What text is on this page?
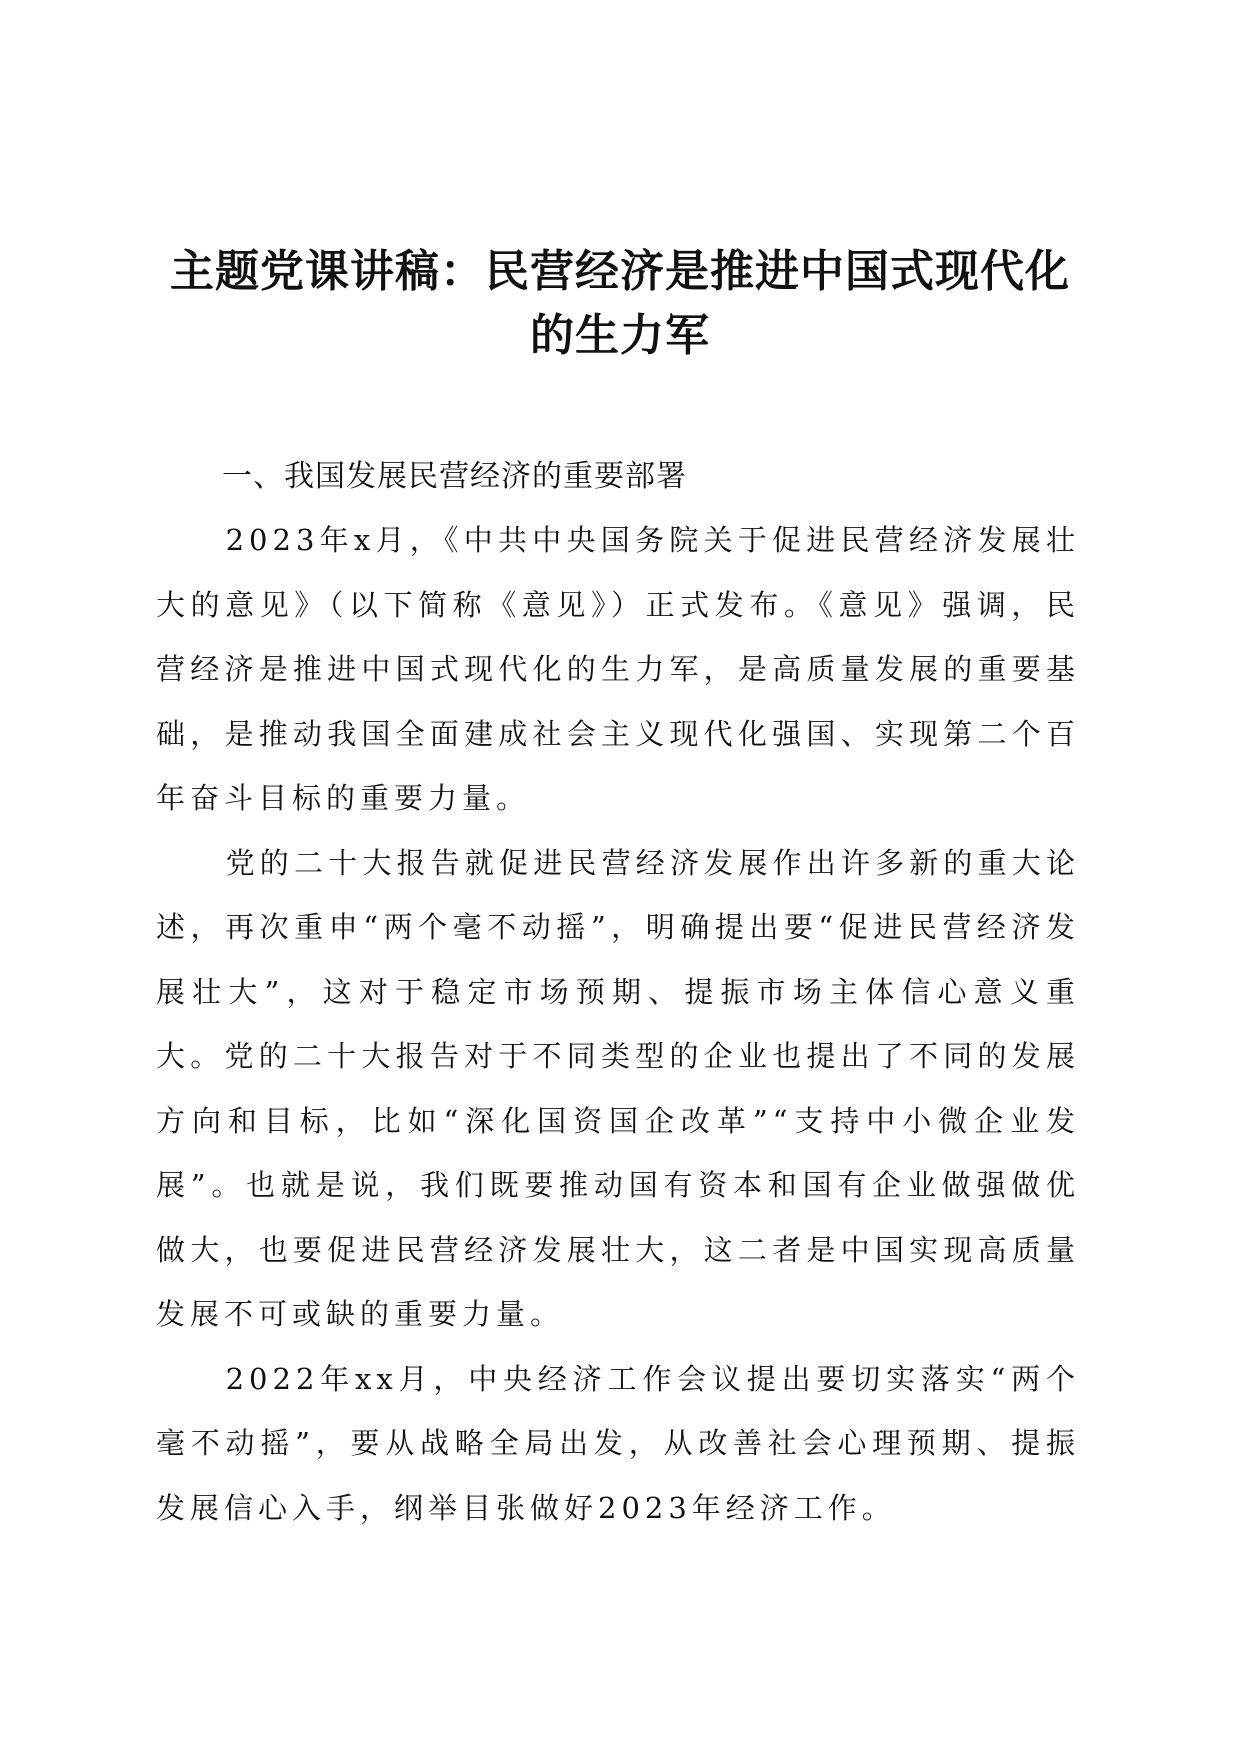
主题党课讲稿：民营经济是推进中国式现代化
的生力军
一、我国发展民营经济的重要部署

2023年x月，《中共中央国务院关于促进民营经济发展壮大的意见》（以下简称《意见》）正式发布。《意见》强调，民营经济是推进中国式现代化的生力军，是高质量发展的重要基础，是推动我国全面建成社会主义现代化强国、实现第二个百年奋斗目标的重要力量。

党的二十大报告就促进民营经济发展作出许多新的重大论述，再次重申“两个毫不动摇”，明确提出要“促进民营经济发展壮大”，这对于稳定市场预期、提振市场主体信心意义重大。党的二十大报告对于不同类型的企业也提出了不同的发展方向和目标，比如“深化国资国企改革”“支持中小微企业发展”。也就是说，我们既要推动国有资本和国有企业做强做优做大，也要促进民营经济发展壮大，这二者是中国实现高质量发展不可或缺的重要力量。

2022年xx月，中央经济工作会议提出要切实落实“两个毫不动摇”，要从战略全局出发，从改善社会心理预期、提振发展信心入手，纲举目张做好2023年经济工作。
